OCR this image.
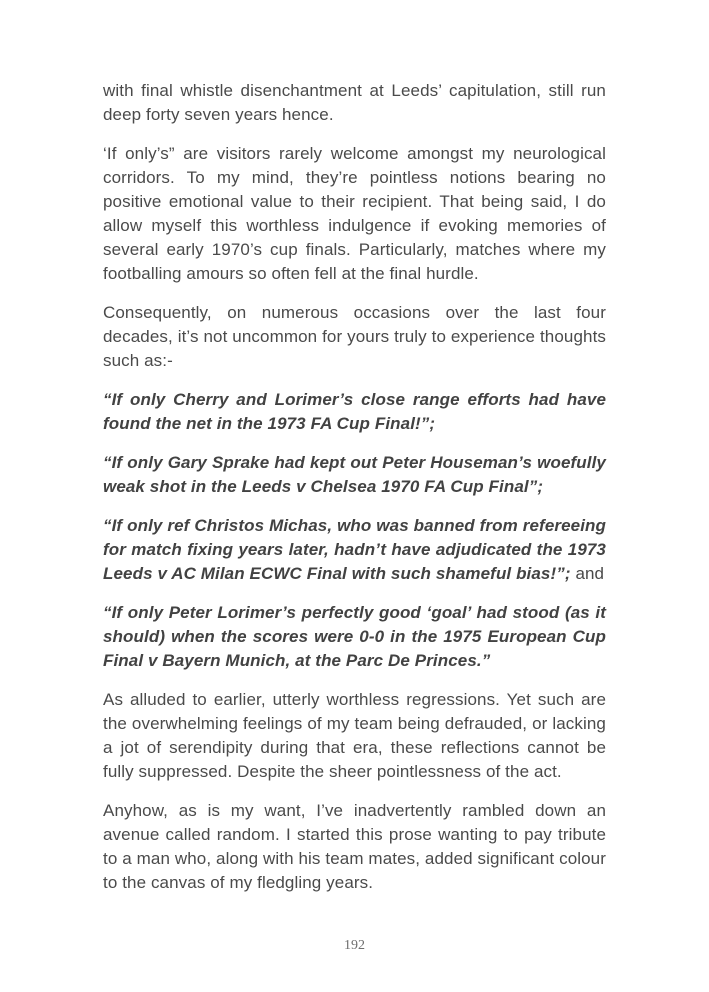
with final whistle disenchantment at Leeds’ capitulation, still run deep forty seven years hence.

‘If only’s” are visitors rarely welcome amongst my neurological corridors. To my mind, they’re pointless notions bearing no positive emotional value to their recipient. That being said, I do allow myself this worthless indulgence if evoking memories of several early 1970’s cup finals. Particularly, matches where my footballing amours so often fell at the final hurdle.

Consequently, on numerous occasions over the last four decades, it’s not uncommon for yours truly to experience thoughts such as:-

“If only Cherry and Lorimer’s close range efforts had have found the net in the 1973 FA Cup Final!”;

“If only Gary Sprake had kept out Peter Houseman’s woefully weak shot in the Leeds v Chelsea 1970 FA Cup Final”;

“If only ref Christos Michas, who was banned from refereeing for match fixing years later, hadn’t have adjudicated the 1973 Leeds v AC Milan ECWC Final with such shameful bias!”; and

“If only Peter Lorimer’s perfectly good ‘goal’ had stood (as it should) when the scores were 0-0 in the 1975 European Cup Final v Bayern Munich, at the Parc De Princes.”

As alluded to earlier, utterly worthless regressions. Yet such are the overwhelming feelings of my team being defrauded, or lacking a jot of serendipity during that era, these reflections cannot be fully suppressed. Despite the sheer pointlessness of the act.

Anyhow, as is my want, I’ve inadvertently rambled down an avenue called random. I started this prose wanting to pay tribute to a man who, along with his team mates, added significant colour to the canvas of my fledgling years.

192
